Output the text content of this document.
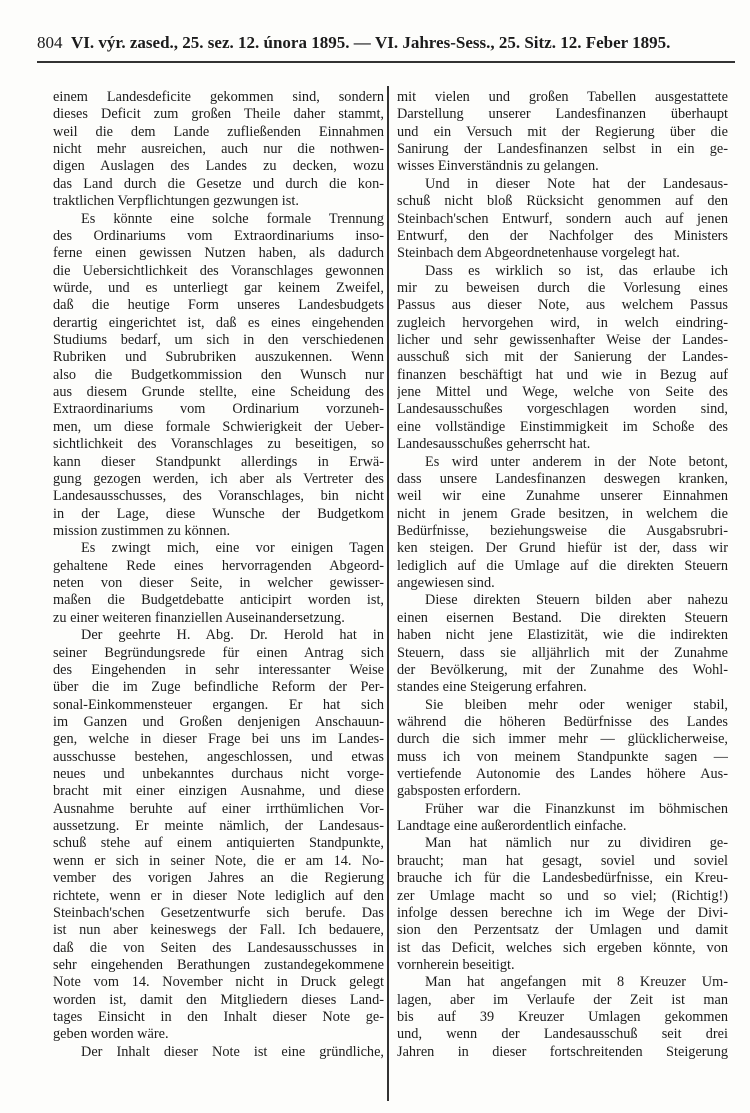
804 VI. výr. zased., 25. sez. 12. února 1895. — VI. Jahres-Sess., 25. Sitz. 12. Feber 1895.
einem Landesdeficite gekommen sind, sondern
dieses Deficit zum großen Theile daher stammt,
weil die dem Lande zufließenden Einnahmen
nicht mehr ausreichen, auch nur die nothwen-
digen Auslagen des Landes zu decken, wozu
das Land durch die Gesetze und durch die kon-
traktlichen Verpflichtungen gezwungen ist.
Es könnte eine solche formale Trennung
des Ordinariums vom Extraordinariums inso-
ferne einen gewissen Nutzen haben, als dadurch
die Uebersichtlichkeit des Voranschlages gewonnen
würde, und es unterliegt gar keinem Zweifel,
daß die heutige Form unseres Landesbudgets
derartig eingerichtet ist, daß es eines eingehenden
Studiums bedarf, um sich in den verschiedenen
Rubriken und Subrubriken auszukennen. Wenn
also die Budgetkommission den Wunsch nur
aus diesem Grunde stellte, eine Scheidung des
Extraordinariums vom Ordinarium vorzuneh-
men, um diese formale Schwierigkeit der Ueber-
sichtlichkeit des Voranschlages zu beseitigen, so
kann dieser Standpunkt allerdings in Erwä-
gung gezogen werden, ich aber als Vertreter des
Landesausschusses, des Voranschlages, bin nicht
in der Lage, diese Wunsche der Budgetkom
mission zustimmen zu können.
Es zwingt mich, eine vor einigen Tagen
gehaltene Rede eines hervorragenden Abgeord-
neten von dieser Seite, in welcher gewisser-
maßen die Budgetdebatte anticipirt worden ist,
zu einer weiteren finanziellen Auseinandersetzung.
Der geehrte H. Abg. Dr. Herold hat in
seiner Begründungsrede für einen Antrag sich
des Eingehenden in sehr interessanter Weise
über die im Zuge befindliche Reform der Per-
sonal-Einkommensteuer ergangen. Er hat sich
im Ganzen und Großen denjenigen Anschauun-
gen, welche in dieser Frage bei uns im Landes-
ausschusse bestehen, angeschlossen, und etwas
neues und unbekanntes durchaus nicht vorge-
bracht mit einer einzigen Ausnahme, und diese
Ausnahme beruhte auf einer irrthümlichen Vor-
aussetzung. Er meinte nämlich, der Landesaus-
schuß stehe auf einem antiquierten Standpunkte,
wenn er sich in seiner Note, die er am 14. No-
vember des vorigen Jahres an die Regierung
richtete, wenn er in dieser Note lediglich auf den
Steinbach'schen Gesetzentwurfe sich berufe. Das
ist nun aber keineswegs der Fall. Ich bedauere,
daß die von Seiten des Landesausschusses in
sehr eingehenden Berathungen zustandegekommene
Note vom 14. November nicht in Druck gelegt
worden ist, damit den Mitgliedern dieses Land-
tages Einsicht in den Inhalt dieser Note ge-
geben worden wäre.
Der Inhalt dieser Note ist eine gründliche,
mit vielen und großen Tabellen ausgestattete
Darstellung unserer Landesfinanzen überhaupt
und ein Versuch mit der Regierung über die
Sanirung der Landesfinanzen selbst in ein ge-
wisses Einverständnis zu gelangen.
Und in dieser Note hat der Landesaus-
schuß nicht bloß Rücksicht genommen auf den
Steinbach'schen Entwurf, sondern auch auf jenen
Entwurf, den der Nachfolger des Ministers
Steinbach dem Abgeordnetenhause vorgelegt hat.
Dass es wirklich so ist, das erlaube ich
mir zu beweisen durch die Vorlesung eines
Passus aus dieser Note, aus welchem Passus
zugleich hervorgehen wird, in welch eindring-
licher und sehr gewissenhafter Weise der Landes-
ausschuß sich mit der Sanierung der Landes-
finanzen beschäftigt hat und wie in Bezug auf
jene Mittel und Wege, welche von Seite des
Landesausschußes vorgeschlagen worden sind,
eine vollständige Einstimmigkeit im Schoße des
Landesausschußes geherrscht hat.
Es wird unter anderem in der Note betont,
dass unsere Landesfinanzen deswegen kranken,
weil wir eine Zunahme unserer Einnahmen
nicht in jenem Grade besitzen, in welchem die
Bedürfnisse, beziehungsweise die Ausgabsrubri-
ken steigen. Der Grund hiefür ist der, dass wir
lediglich auf die Umlage auf die direkten Steuern
angewiesen sind.
Diese direkten Steuern bilden aber nahezu
einen eisernen Bestand. Die direkten Steuern
haben nicht jene Elastizität, wie die indirekten
Steuern, dass sie alljährlich mit der Zunahme
der Bevölkerung, mit der Zunahme des Wohl-
standes eine Steigerung erfahren.
Sie bleiben mehr oder weniger stabil,
während die höheren Bedürfnisse des Landes
durch die sich immer mehr — glücklicherweise,
muss ich von meinem Standpunkte sagen —
vertiefende Autonomie des Landes höhere Aus-
gabsposten erfordern.
Früher war die Finanzkunst im böhmischen
Landtage eine außerordentlich einfache.
Man hat nämlich nur zu dividiren ge-
braucht; man hat gesagt, soviel und soviel
brauche ich für die Landesbedürfnisse, ein Kreu-
zer Umlage macht so und so viel; (Richtig!)
infolge dessen berechne ich im Wege der Divi-
sion den Perzentsatz der Umlagen und damit
ist das Deficit, welches sich ergeben könnte, von
vornherein beseitigt.
Man hat angefangen mit 8 Kreuzer Um-
lagen, aber im Verlaufe der Zeit ist man
bis auf 39 Kreuzer Umlagen gekommen
und, wenn der Landesausschuß seit drei
Jahren in dieser fortschreitenden Steigerung
